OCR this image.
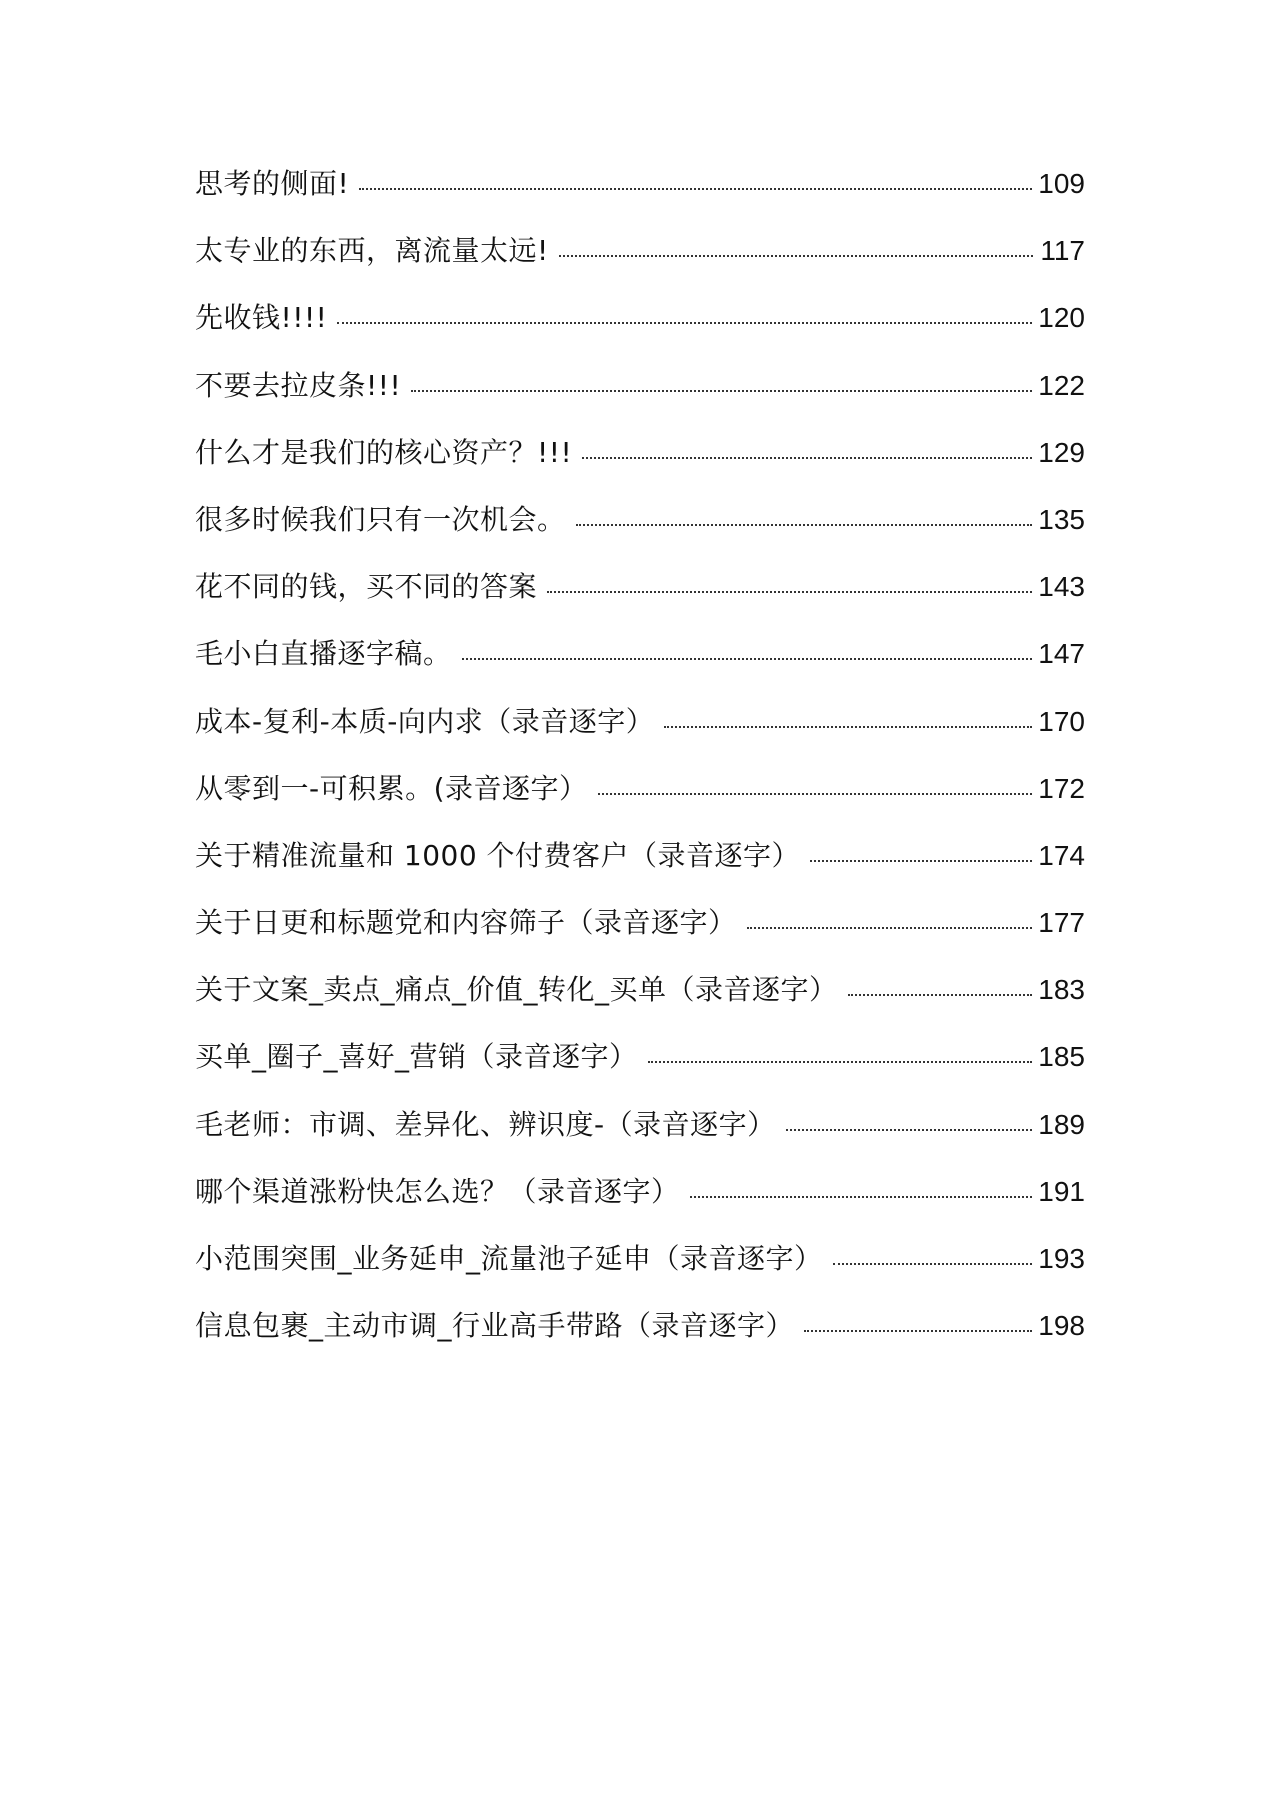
思考的侧面!	109
太专业的东西，离流量太远!	117
先收钱!!!!	120
不要去拉皮条!!!	122
什么才是我们的核心资产？!!!	129
很多时候我们只有一次机会。	135
花不同的钱，买不同的答案	143
毛小白直播逐字稿。	147
成本-复利-本质-向内求（录音逐字）	170
从零到一-可积累。(录音逐字）	172
关于精准流量和 1000 个付费客户（录音逐字）	174
关于日更和标题党和内容筛子（录音逐字）	177
关于文案_卖点_痛点_价值_转化_买单（录音逐字）	183
买单_圈子_喜好_营销（录音逐字）	185
毛老师：市调、差异化、辨识度-（录音逐字）	189
哪个渠道涨粉快怎么选？（录音逐字）	191
小范围突围_业务延申_流量池子延申（录音逐字）	193
信息包裹_主动市调_行业高手带路（录音逐字）	198
